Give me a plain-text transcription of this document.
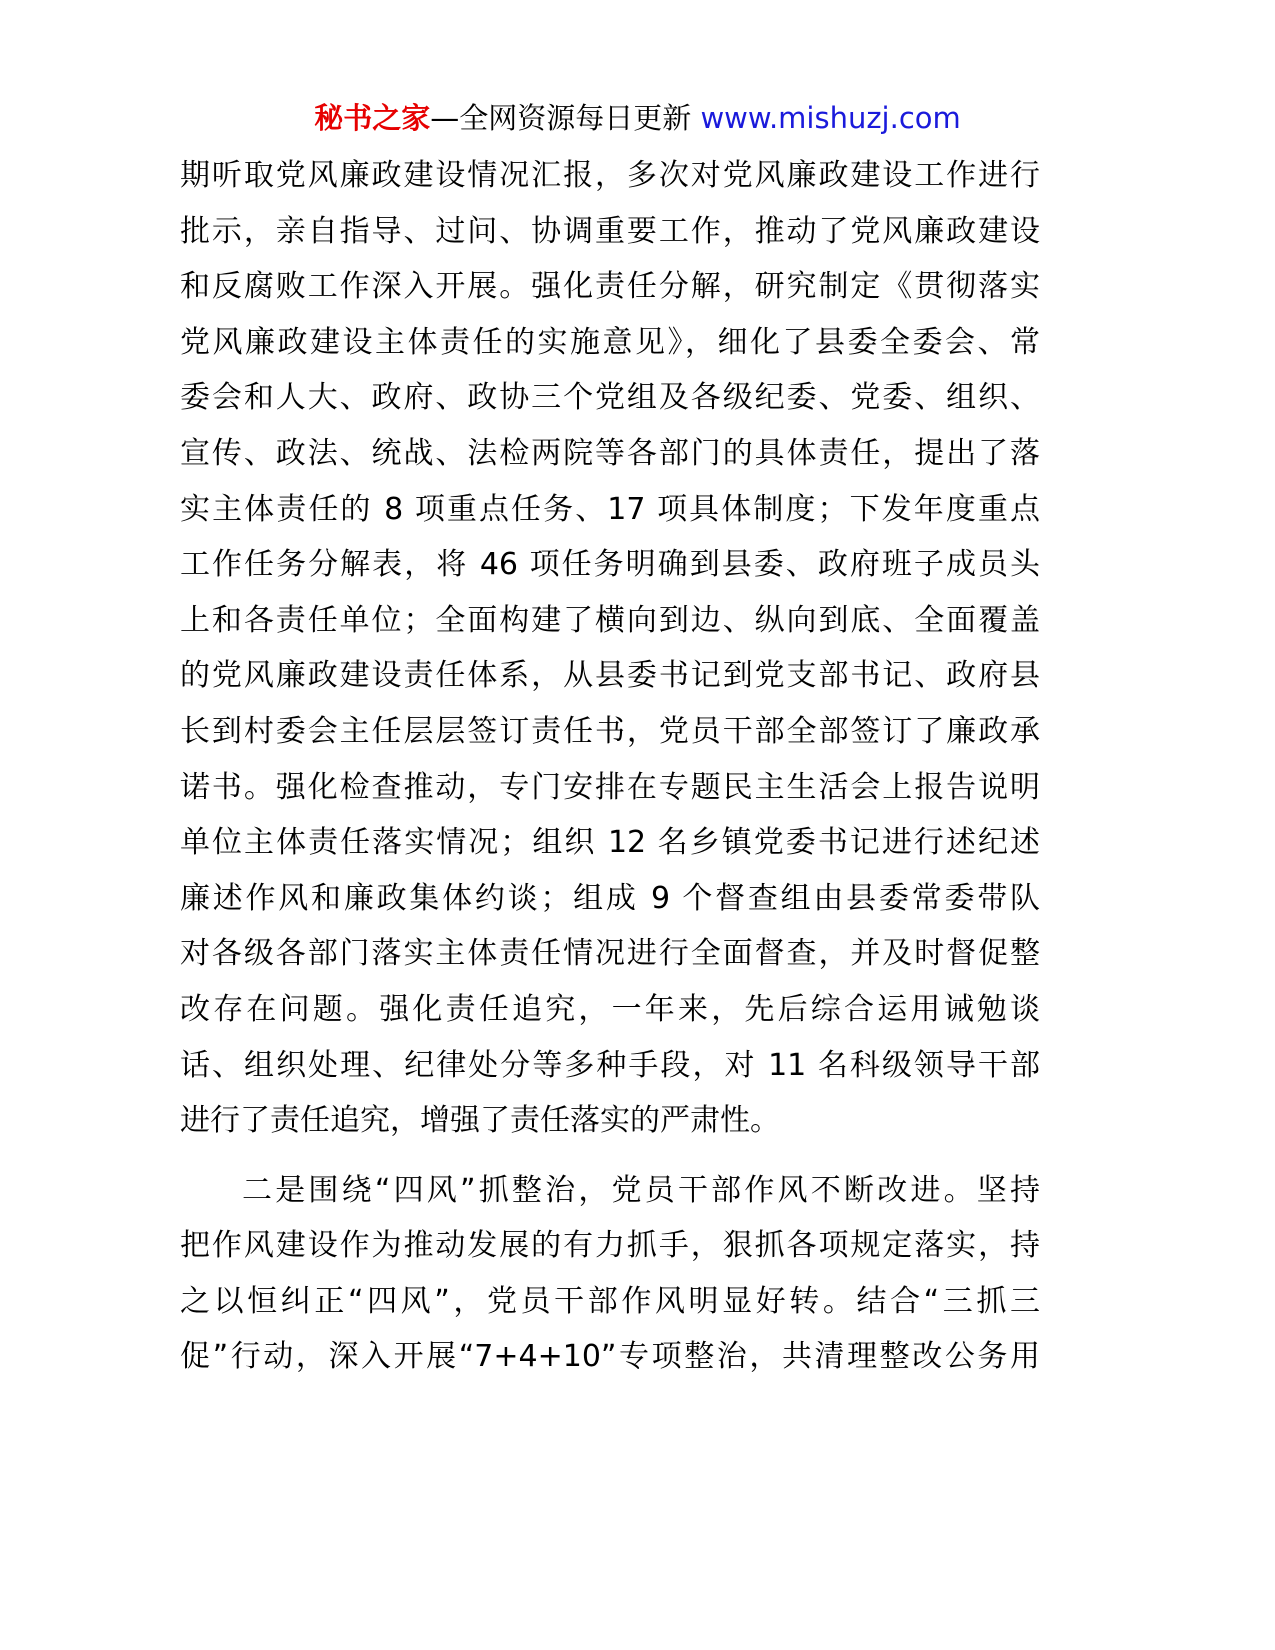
秘书之家—全网资源每日更新 www.mishuzj.com
期听取党风廉政建设情况汇报，多次对党风廉政建设工作进行
批示，亲自指导、过问、协调重要工作，推动了党风廉政建设
和反腐败工作深入开展。强化责任分解，研究制定《贯彻落实
党风廉政建设主体责任的实施意见》，细化了县委全委会、常
委会和人大、政府、政协三个党组及各级纪委、党委、组织、
宣传、政法、统战、法检两院等各部门的具体责任，提出了落
实主体责任的 8 项重点任务、17 项具体制度；下发年度重点
工作任务分解表，将 46 项任务明确到县委、政府班子成员头
上和各责任单位；全面构建了横向到边、纵向到底、全面覆盖
的党风廉政建设责任体系，从县委书记到党支部书记、政府县
长到村委会主任层层签订责任书，党员干部全部签订了廉政承
诺书。强化检查推动，专门安排在专题民主生活会上报告说明
单位主体责任落实情况；组织 12 名乡镇党委书记进行述纪述
廉述作风和廉政集体约谈；组成 9 个督查组由县委常委带队
对各级各部门落实主体责任情况进行全面督查，并及时督促整
改存在问题。强化责任追究，一年来，先后综合运用诫勉谈
话、组织处理、纪律处分等多种手段，对 11 名科级领导干部
进行了责任追究，增强了责任落实的严肃性。
二是围绕“四风”抓整治，党员干部作风不断改进。坚持
把作风建设作为推动发展的有力抓手，狠抓各项规定落实，持
之以恒纠正“四风”，党员干部作风明显好转。结合“三抓三
促”行动，深入开展“7+4+10”专项整治，共清理整改公务用
